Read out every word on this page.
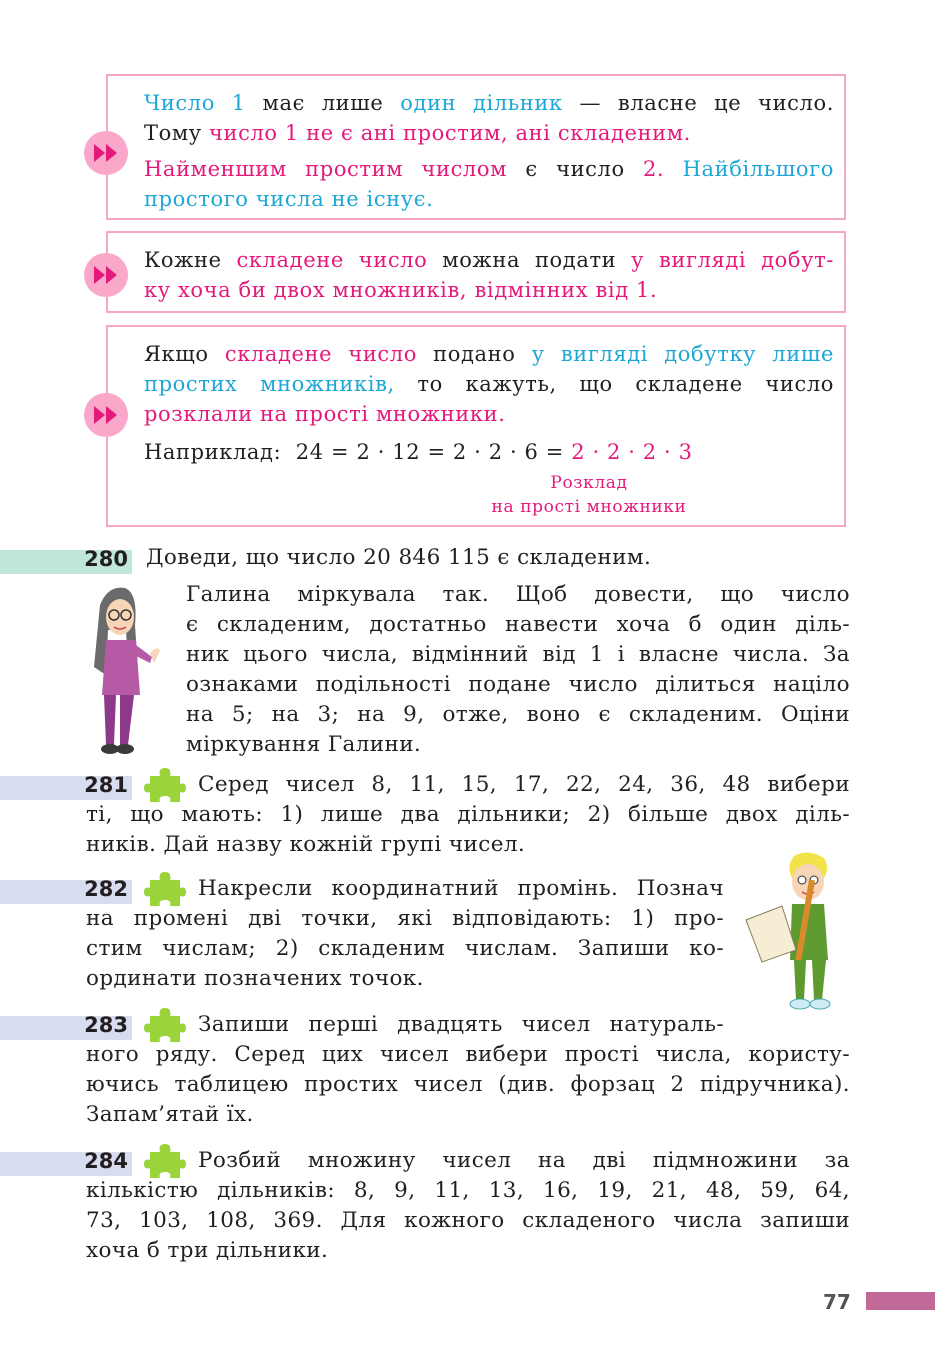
Число 1 має лише один дільник — власне це число.

Тому число 1 не є ані простим, ані складеним.

Найменшим простим числом є число 2. Найбільшого

простого числа не існує.

Кожне складене число можна подати у вигляді добут-

ку хоча би двох множників, відмінних від 1.

Якщо складене число подано у вигляді добутку лише

простих множників, то кажуть, що складене число

розклали на прості множники.

Наприклад:  24 = 2 · 12 = 2 · 2 · 6 = 2 · 2 · 2 · 3

Розклад
на прості множники
280 Доведи, що число 20 846 115 є складеним.
Галина міркувала так. Щоб довести, що число
є складеним, достатньо навести хоча б один діль-
ник цього числа, відмінний від 1 і власне числа. За
ознаками подільності подане число ділиться націло
на 5; на 3; на 9, отже, воно є складеним. Оціни
міркування Галини.
281	Серед чисел 8, 11, 15, 17, 22, 24, 36, 48 вибери
ті, що мають: 1) лише два дільники; 2) більше двох діль-
ників. Дай назву кожній групі чисел.
282	Накресли координатний промінь. Познач
на промені дві точки, які відповідають: 1) про-
стим числам; 2) складеним числам. Запиши ко-
ординати позначених точок.
283	Запиши перші двадцять чисел натураль-
ного ряду. Серед цих чисел вибери прості числа, користу-
ючись таблицею простих чисел (див. форзац 2 підручника).
Запам’ятай їх.
284	Розбий множину чисел на дві підмножини за
кількістю дільників: 8, 9, 11, 13, 16, 19, 21, 48, 59, 64,
73, 103, 108, 369. Для кожного складеного числа запиши
хоча б три дільники.
77
